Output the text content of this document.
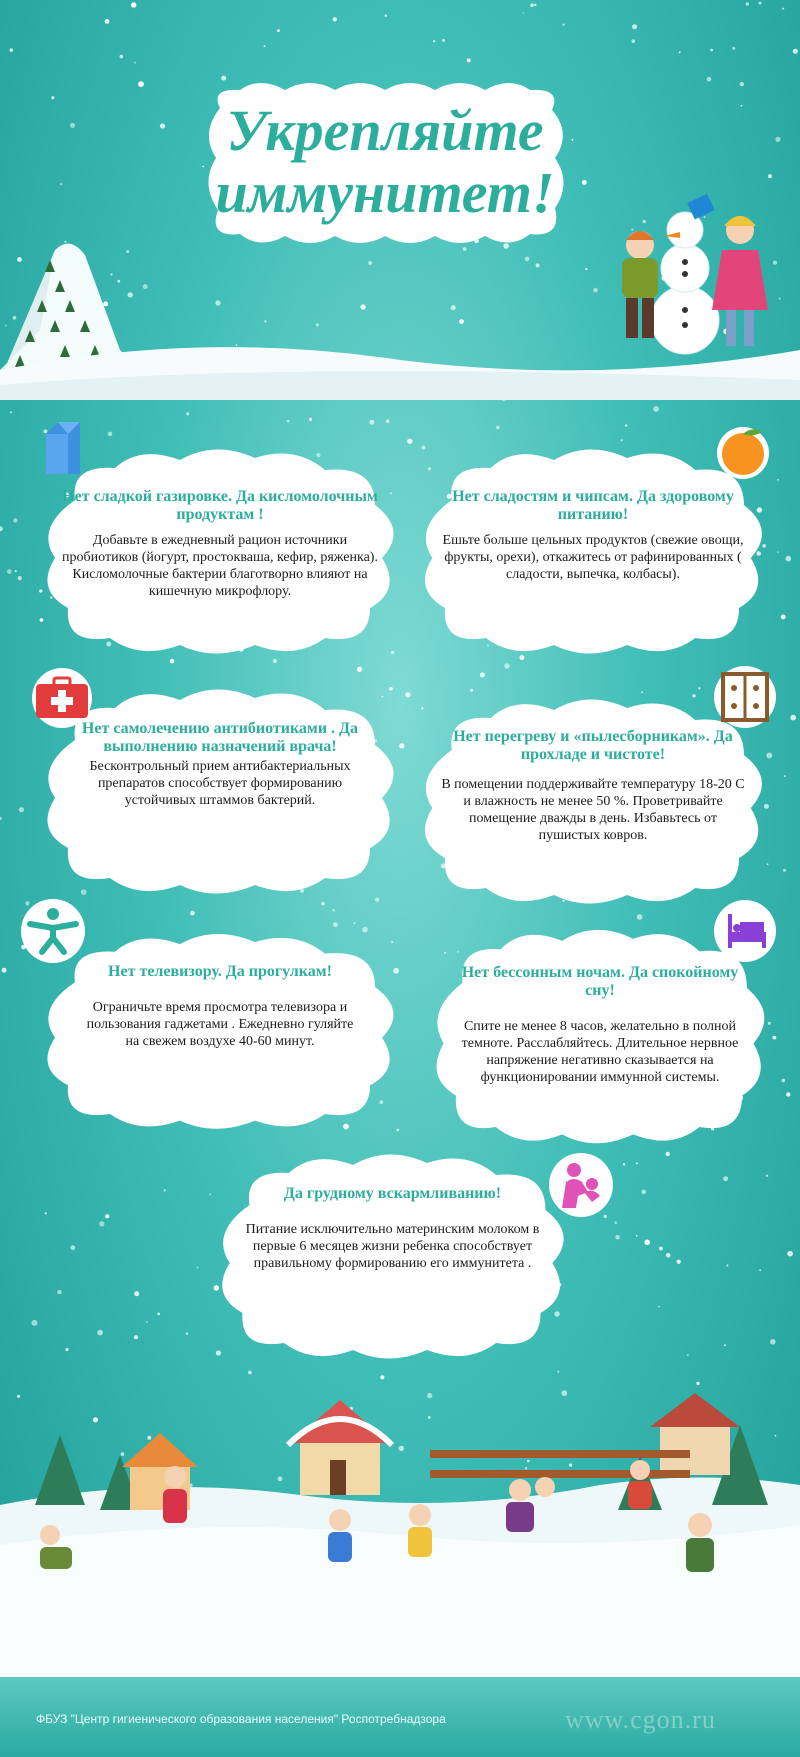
Укрепляйте
иммунитет!
Нет сладкой газировке. Да кисломолочным продуктам !

Добавьте в ежедневный рацион источники пробиотиков (йогурт, простокваша, кефир, ряженка). Кисломолочные бактерии благотворно влияют на кишечную микрофлору.

Нет сладостям и чипсам. Да здоровому питанию!

Ешьте больше цельных продуктов (свежие овощи, фрукты, орехи), откажитесь от рафинированных ( сладости, выпечка, колбасы).

Нет самолечению антибиотиками . Да выполнению назначений врача!

Бесконтрольный прием антибактериальных препаратов способствует формированию устойчивых штаммов бактерий.

Нет перегреву и «пылесборникам». Да прохладе и чистоте!

В помещении поддерживайте температуру 18-20 С и влажность не менее 50 %. Проветривайте помещение дважды в день. Избавьтесь от пушистых ковров.

Нет телевизору. Да прогулкам!

Ограничьте время просмотра телевизора и пользования гаджетами . Ежедневно гуляйте на свежем воздухе 40-60 минут.

Нет бессонным ночам. Да спокойному сну!

Спите не менее 8 часов, желательно в полной темноте. Расслабляйтесь. Длительное нервное напряжение негативно сказывается на функционировании иммунной системы.

Да грудному вскармливанию!

Питание исключительно материнским молоком в первые 6 месяцев жизни ребенка способствует правильному формированию его иммунитета .

ФБУЗ "Центр гигиенического образования населения" Роспотребнадзора	www.cgon.ru
